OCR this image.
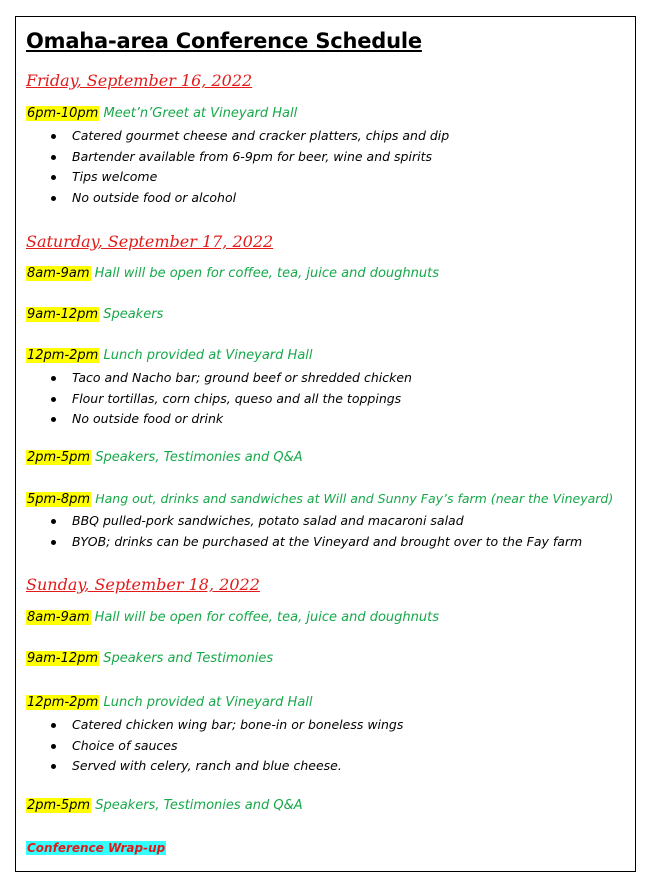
Omaha-area Conference Schedule
Friday, September 16, 2022
6pm-10pm Meet’n’Greet at Vineyard Hall
Catered gourmet cheese and cracker platters, chips and dip
Bartender available from 6-9pm for beer, wine and spirits
Tips welcome
No outside food or alcohol
Saturday, September 17, 2022
8am-9am Hall will be open for coffee, tea, juice and doughnuts
9am-12pm Speakers
12pm-2pm Lunch provided at Vineyard Hall
Taco and Nacho bar; ground beef or shredded chicken
Flour tortillas, corn chips, queso and all the toppings
No outside food or drink
2pm-5pm Speakers, Testimonies and Q&A
5pm-8pm Hang out, drinks and sandwiches at Will and Sunny Fay’s farm (near the Vineyard)
BBQ pulled-pork sandwiches, potato salad and macaroni salad
BYOB; drinks can be purchased at the Vineyard and brought over to the Fay farm
Sunday, September 18, 2022
8am-9am Hall will be open for coffee, tea, juice and doughnuts
9am-12pm Speakers and Testimonies
12pm-2pm Lunch provided at Vineyard Hall
Catered chicken wing bar; bone-in or boneless wings
Choice of sauces
Served with celery, ranch and blue cheese.
2pm-5pm Speakers, Testimonies and Q&A
Conference Wrap-up
